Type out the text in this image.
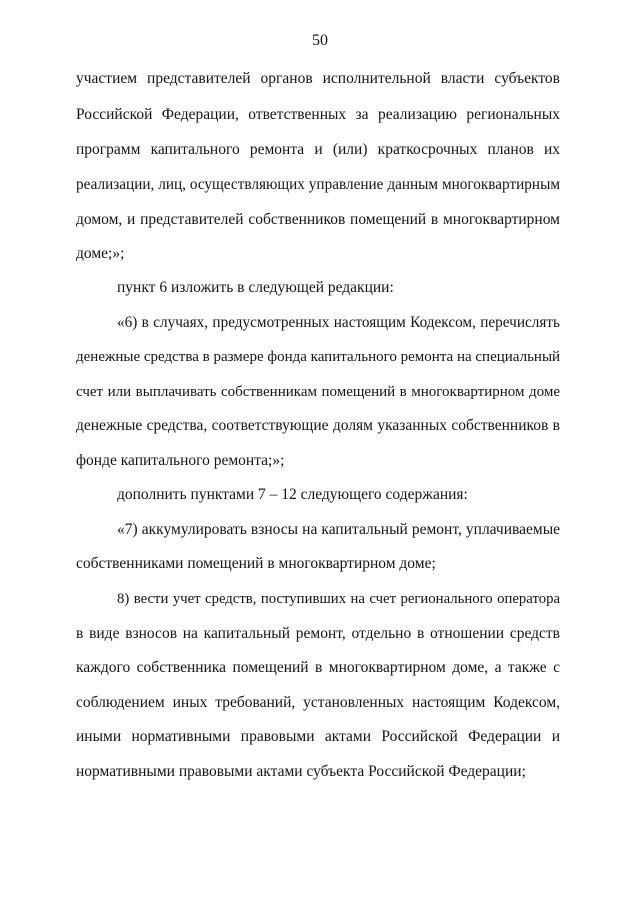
50
участием представителей органов исполнительной власти субъектов
Российской Федерации, ответственных за реализацию региональных
программ капитального ремонта и (или) краткосрочных планов их
реализации, лиц, осуществляющих управление данным многоквартирным
домом, и представителей собственников помещений в многоквартирном
доме;»;
пункт 6 изложить в следующей редакции:
«6) в случаях, предусмотренных настоящим Кодексом, перечислять
денежные средства в размере фонда капитального ремонта на специальный
счет или выплачивать собственникам помещений в многоквартирном доме
денежные средства, соответствующие долям указанных собственников в
фонде капитального ремонта;»;
дополнить пунктами 7 – 12 следующего содержания:
«7) аккумулировать взносы на капитальный ремонт, уплачиваемые
собственниками помещений в многоквартирном доме;
8) вести учет средств, поступивших на счет регионального оператора
в виде взносов на капитальный ремонт, отдельно в отношении средств
каждого собственника помещений в многоквартирном доме, а также с
соблюдением иных требований, установленных настоящим Кодексом,
иными нормативными правовыми актами Российской Федерации и
нормативными правовыми актами субъекта Российской Федерации;
